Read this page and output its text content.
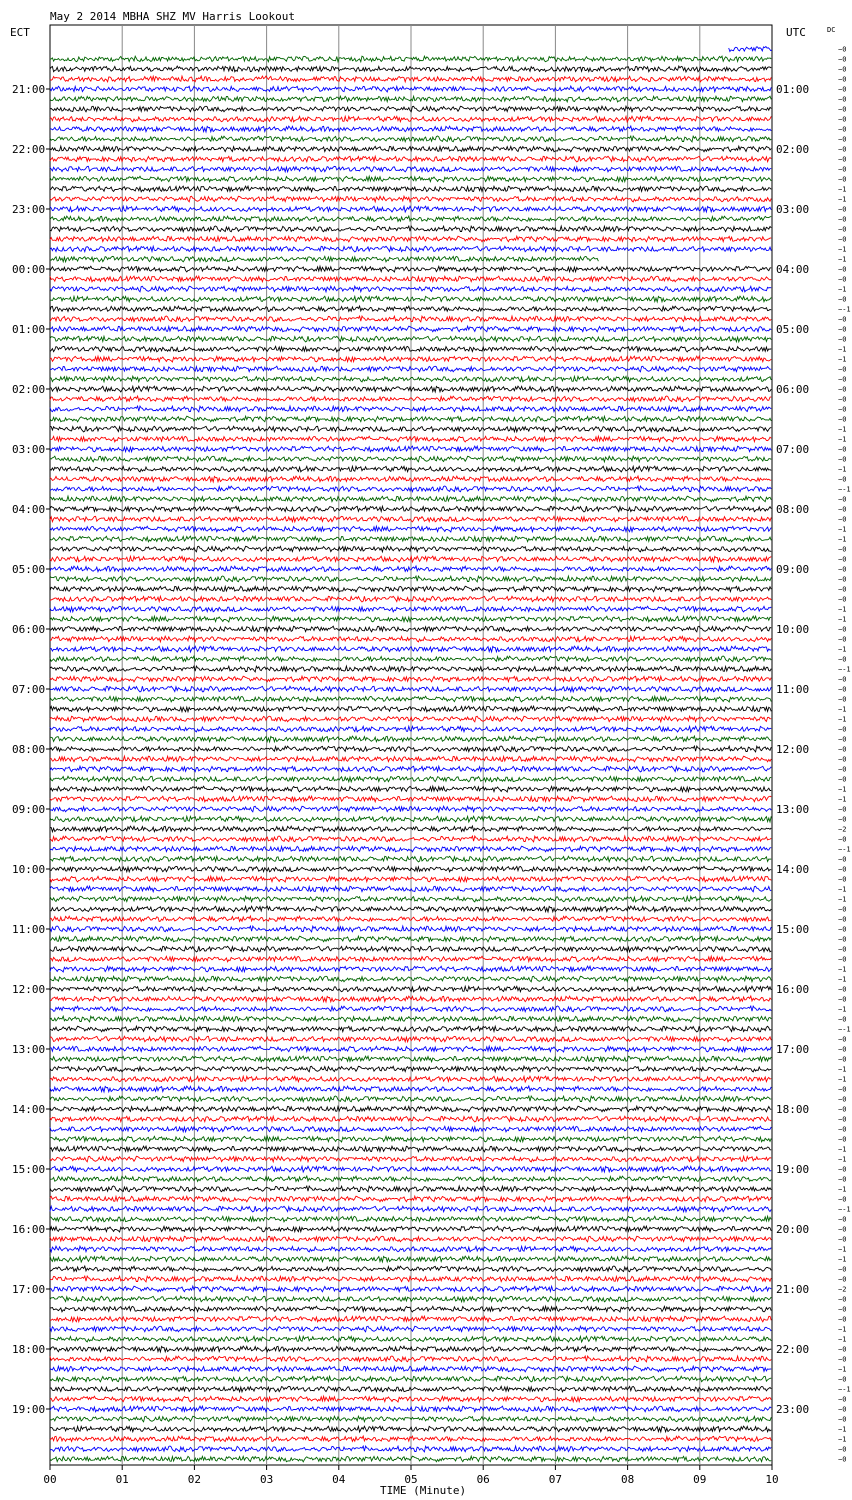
May 2 2014 MBHA SHZ MV Harris Lookout
ECT	UTC	DC
21:00
22:00
23:00
00:00
01:00
02:00
03:00
04:00
05:00
06:00
07:00
08:00
09:00
10:00
11:00
12:00
13:00
14:00
15:00
16:00
17:00
18:00
19:00
01:00
02:00
03:00
04:00
05:00
06:00
07:00
08:00
09:00
10:00
11:00
12:00
13:00
14:00
15:00
16:00
17:00
18:00
19:00
20:00
21:00
22:00
23:00
−0
−0
−0
−0
−0
−0
−0
−0
−0
−0
−0
−0
−0
−0
−1
−1
−0
−0
−0
−0
−1
−1
−0
−0
−1
−0
−-1
−0
−0
−0
−1
−1
−0
−0
−0
−0
−0
−0
−1
−1
−0
−0
−1
−0
−-1
−0
−0
−0
−1
−1
−0
−0
−0
−0
−0
−0
−1
−1
−0
−0
−1
−0
−-1
−0
−0
−0
−1
−1
−0
−0
−0
−0
−0
−0
−1
−1
−0
−0
−2
−0
−-1
−0
−0
−0
−1
−1
−0
−0
−0
−0
−0
−0
−1
−1
−0
−0
−1
−0
−-1
−0
−0
−0
−1
−1
−0
−0
−0
−0
−0
−0
−1
−1
−0
−0
−1
−0
−-1
−0
−0
−0
−1
−1
−0
−0
−2
−0
−0
−0
−1
−1
−0
−0
−1
−0
−-1
−0
−0
−0
−1
−1
−0
−0
00	01	02	03	04	05	06	07	08	09	10
TIME (Minute)
